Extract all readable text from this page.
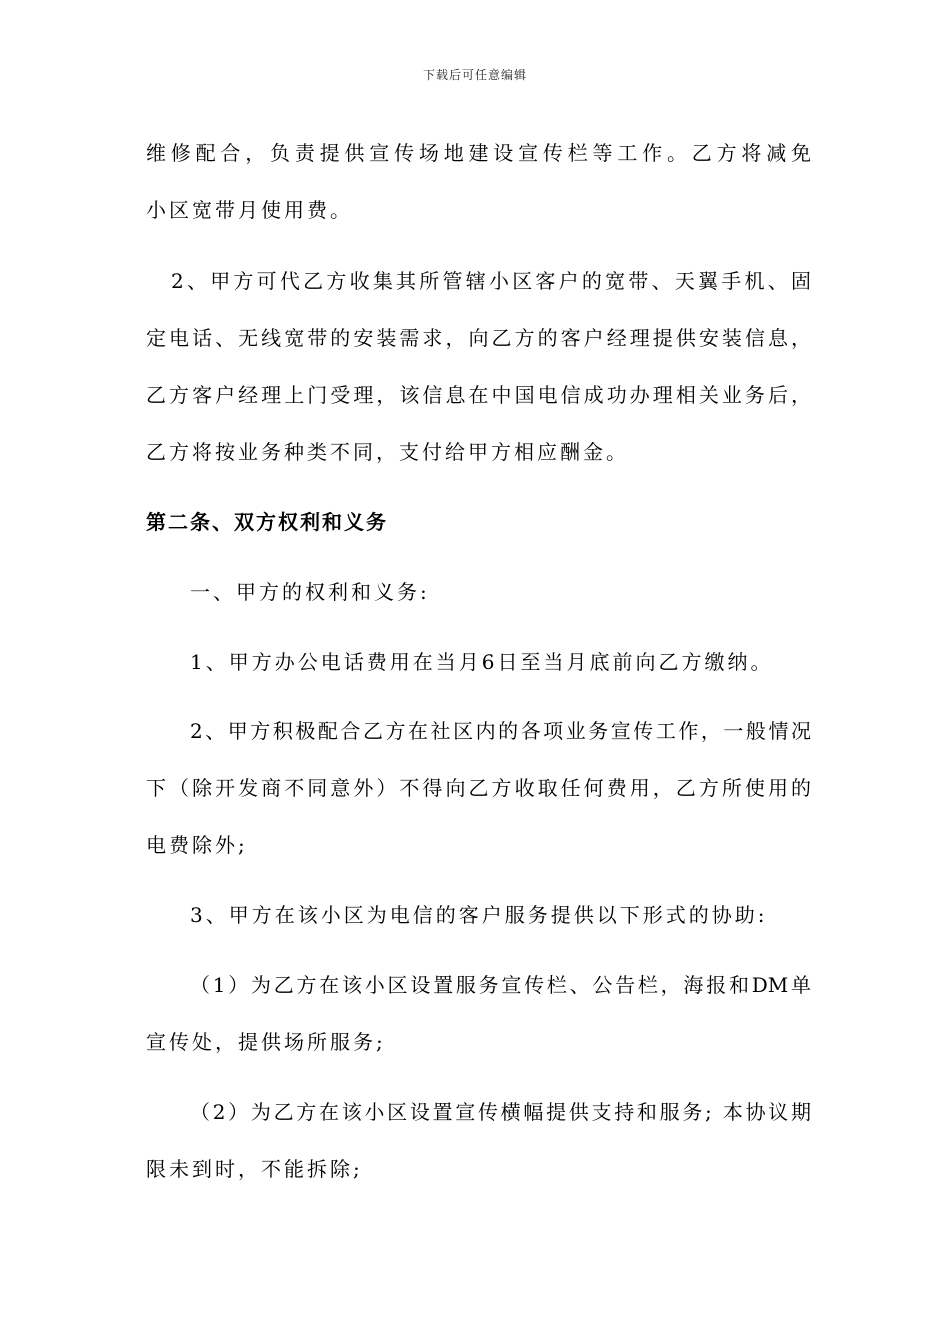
下载后可任意编辑
维修配合，负责提供宣传场地建设宣传栏等工作。乙方将减免
小区宽带月使用费。
2、甲方可代乙方收集其所管辖小区客户的宽带、天翼手机、固
定电话、无线宽带的安装需求，向乙方的客户经理提供安装信息，
乙方客户经理上门受理，该信息在中国电信成功办理相关业务后，
乙方将按业务种类不同，支付给甲方相应酬金。
第二条、双方权利和义务
一、甲方的权利和义务:
1、甲方办公电话费用在当月6日至当月底前向乙方缴纳。
2、甲方积极配合乙方在社区内的各项业务宣传工作，一般情况
下（除开发商不同意外）不得向乙方收取任何费用，乙方所使用的
电费除外;
3、甲方在该小区为电信的客户服务提供以下形式的协助:
（1）为乙方在该小区设置服务宣传栏、公告栏，海报和DM单
宣传处，提供场所服务;
（2）为乙方在该小区设置宣传横幅提供支持和服务; 本协议期
限未到时，不能拆除;
